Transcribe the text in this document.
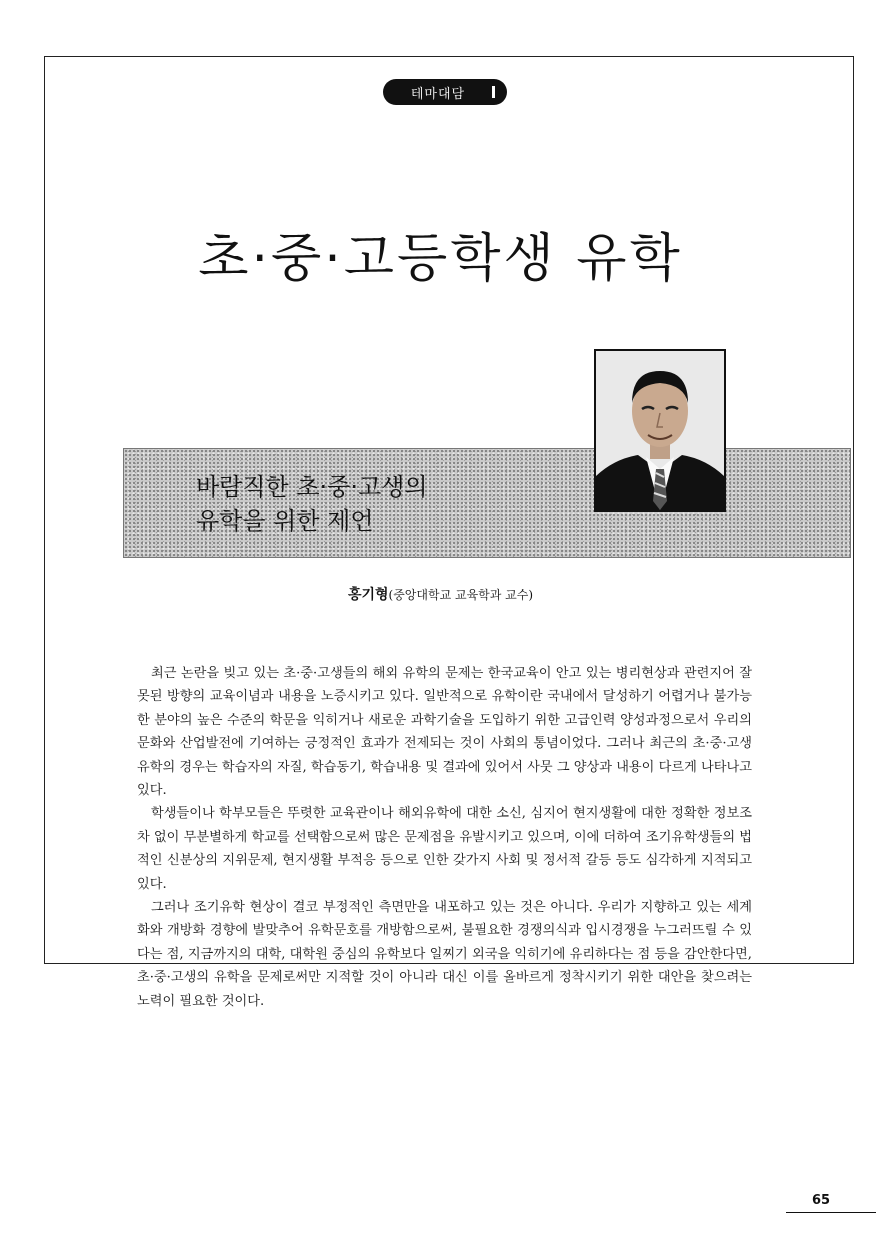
테마대담
초·중·고등학생 유학
바람직한 초·중·고생의
유학을 위한 제언
홍기형(중앙대학교 교육학과 교수)

최근 논란을 빚고 있는 초·중·고생들의 해외 유학의 문제는 한국교육이 안고 있는 병리현상과 관련지어 잘못된 방향의 교육이념과 내용을 노증시키고 있다. 일반적으로 유학이란 국내에서 달성하기 어렵거나 불가능한 분야의 높은 수준의 학문을 익히거나 새로운 과학기술을 도입하기 위한 고급인력 양성과정으로서 우리의 문화와 산업발전에 기여하는 긍정적인 효과가 전제되는 것이 사회의 통념이었다. 그러나 최근의 초·중·고생 유학의 경우는 학습자의 자질, 학습동기, 학습내용 및 결과에 있어서 사뭇 그 양상과 내용이 다르게 나타나고 있다.

학생들이나 학부모들은 뚜렷한 교육관이나 해외유학에 대한 소신, 심지어 현지생활에 대한 정확한 정보조차 없이 무분별하게 학교를 선택함으로써 많은 문제점을 유발시키고 있으며, 이에 더하여 조기유학생들의 법적인 신분상의 지위문제, 현지생활 부적응 등으로 인한 갖가지 사회 및 정서적 갈등 등도 심각하게 지적되고 있다.

그러나 조기유학 현상이 결코 부정적인 측면만을 내포하고 있는 것은 아니다. 우리가 지향하고 있는 세계화와 개방화 경향에 발맞추어 유학문호를 개방함으로써, 불필요한 경쟁의식과 입시경쟁을 누그러뜨릴 수 있다는 점, 지금까지의 대학, 대학원 중심의 유학보다 일찌기 외국을 익히기에 유리하다는 점 등을 감안한다면, 초·중·고생의 유학을 문제로써만 지적할 것이 아니라 대신 이를 올바르게 정착시키기 위한 대안을 찾으려는 노력이 필요한 것이다.

65
